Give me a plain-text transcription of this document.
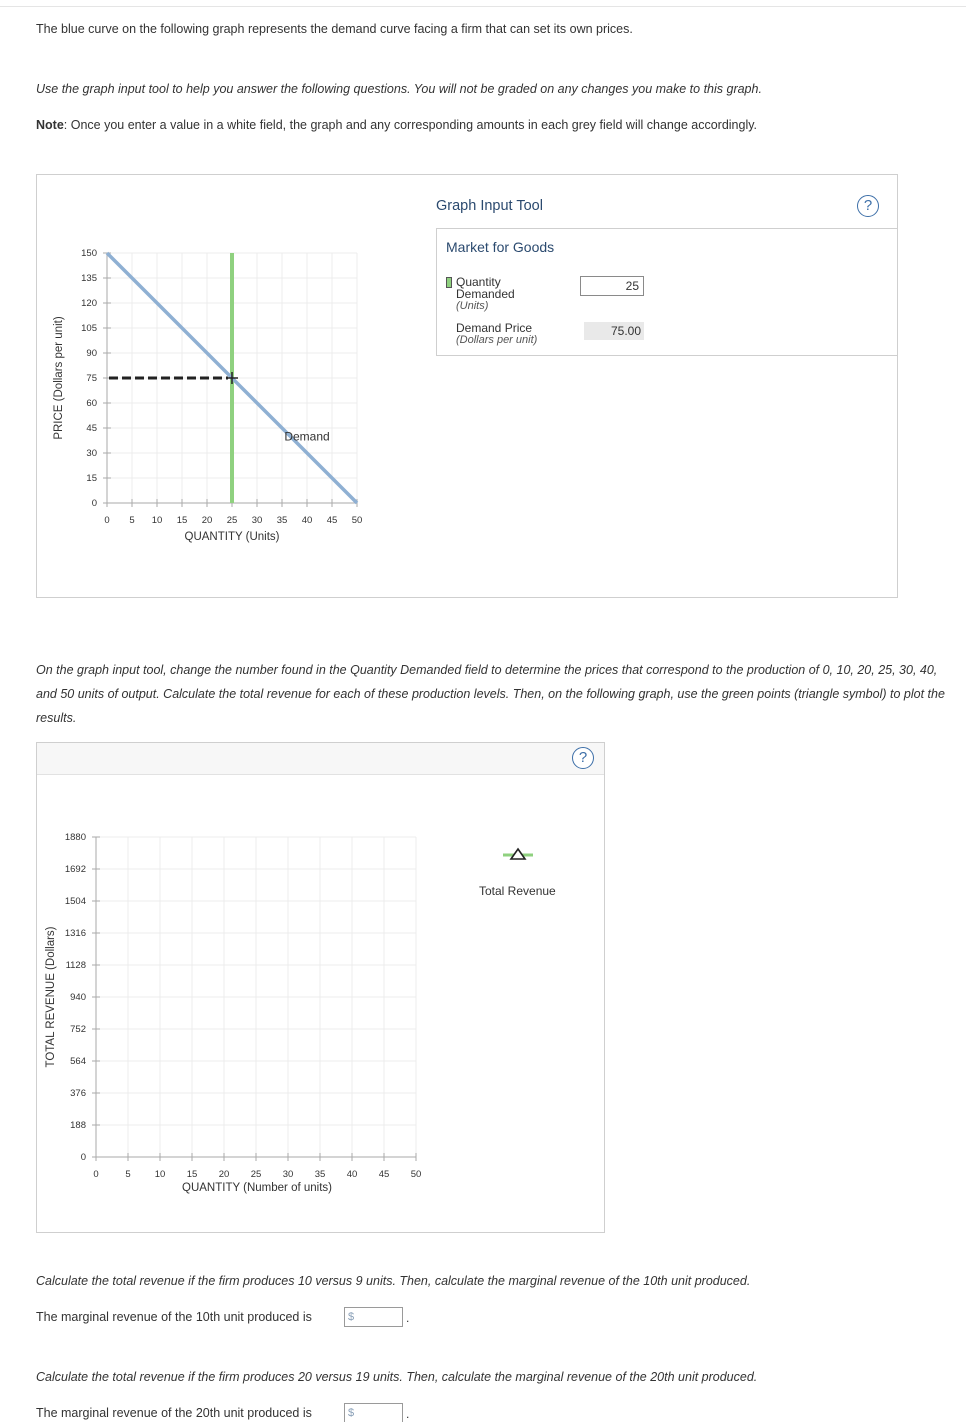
The blue curve on the following graph represents the demand curve facing a firm that can set its own prices.

Use the graph input tool to help you answer the following questions. You will not be graded on any changes you make to this graph.

Note: Once you enter a value in a white field, the graph and any corresponding amounts in each grey field will change accordingly.

0 5 10 15 20 25 30 35 40 45 50
0
15
30
45
60
75
90
105
120
135
150
QUANTITY (Units)
PRICE (Dollars per unit)	Demand
Graph Input Tool	?
Market for Goods
Quantity
Demanded
(Units)
25
Demand Price
(Dollars per unit)
75.00

On the graph input tool, change the number found in the Quantity Demanded field to determine the prices that correspond to the production of 0, 10, 20, 25, 30, 40, and 50 units of output. Calculate the total revenue for each of these production levels. Then, on the following graph, use the green points (triangle symbol) to plot the results.

?
0	5	10 15 20 25 30 35 40 45 50
0
188
376
564
752
940
1128
1316
1504
1692
1880
QUANTITY (Number of units)
TOTAL REVENUE (Dollars)
Total Revenue

Calculate the total revenue if the firm produces 10 versus 9 units. Then, calculate the marginal revenue of the 10th unit produced.

The marginal revenue of the 10th unit produced is	$	.

Calculate the total revenue if the firm produces 20 versus 19 units. Then, calculate the marginal revenue of the 20th unit produced.

The marginal revenue of the 20th unit produced is	$	.
